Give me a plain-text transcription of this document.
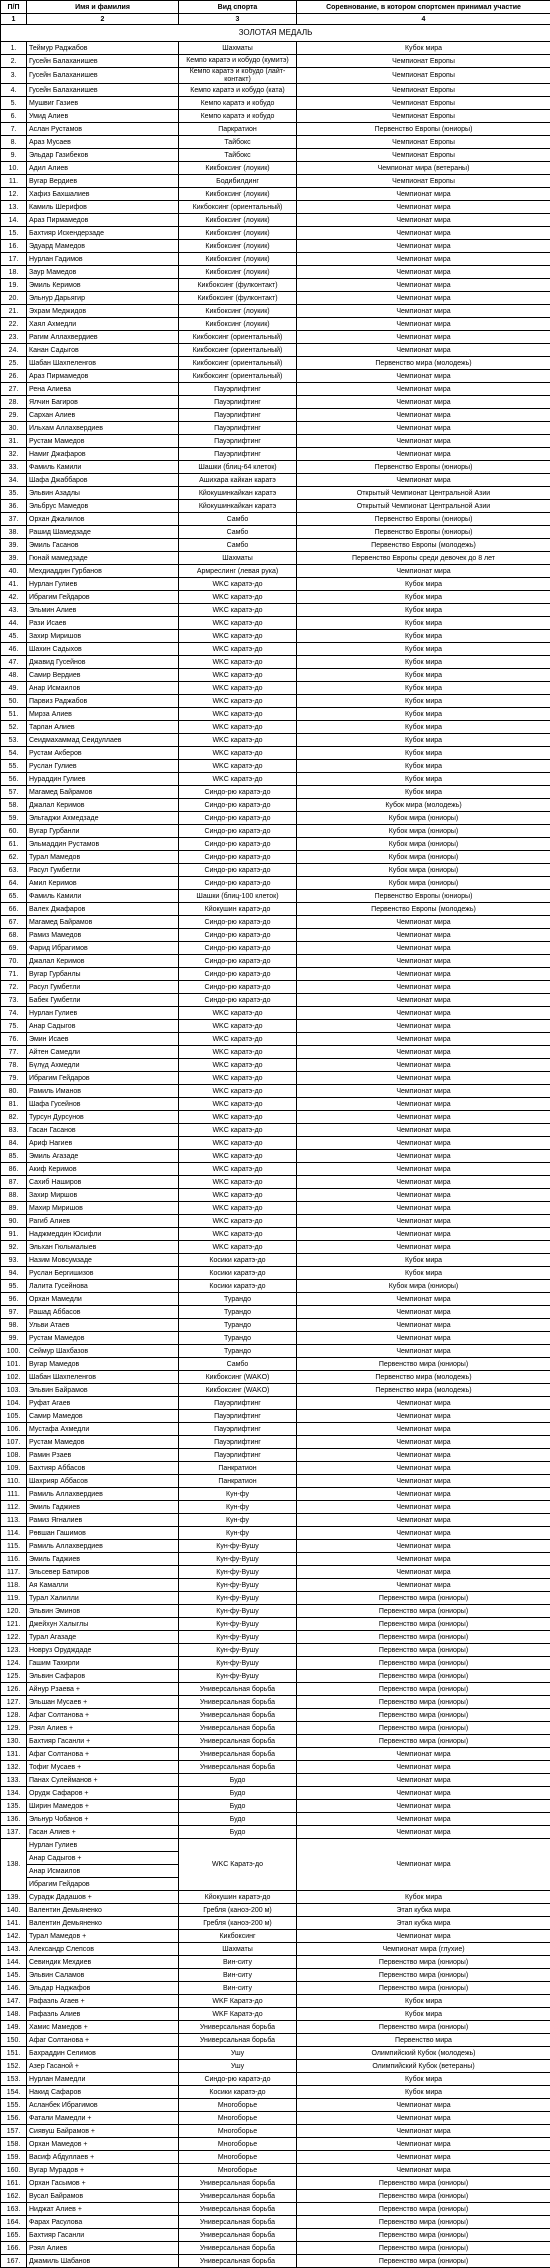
П/П	Имя и фамилия	Вид спорта	Соревнование, в котором спортсмен принимал участие
1	2	3	4
ЗОЛОТАЯ МЕДАЛЬ			
1.	Теймур Раджабов	Шахматы	Кубок мира
2.	Гусейн Балаханишев	Кемпо каратэ и кобудо (кумитэ)	Чемпионат Европы
3.	Гусейн Балаханишев	Кемпо каратэ и кобудо (лайт-контакт)	Чемпионат Европы
4.	Гусейн Балаханишев	Кемпо каратэ и кобудо (ката)	Чемпионат Европы
5.	Мушвиг Газиев	Кемпо каратэ и кобудо	Чемпионат Европы
6.	Умид Алиев	Кемпо каратэ и кобудо	Чемпионат Европы
7.	Аслан Рустамов	Паркрaтион	Первенство Европы (юниоры)
8.	Араз Мусаев	Тайбокс	Чемпионат Европы
9.	Эльдар Газибеков	Тайбокс	Чемпионат Европы
10.	Адил Алиев	Кикбоксинг (лоукик)	Чемпионат мира (ветераны)
11.	Вугар Вердиев	Бодибилдинг	Чемпионат Европы
12.	Хафиз Бахшалиев	Кикбоксинг (лоукик)	Чемпионат мира
13.	Камиль Шерифов	Кикбоксинг (ориентальный)	Чемпионат мира
14.	Араз Пирмамедов	Кикбоксинг (лоукик)	Чемпионат мира
15.	Бахтияр Искендерзаде	Кикбоксинг (лоукик)	Чемпионат мира
16.	Эдуард Мамедов	Кикбоксинг (лоукик)	Чемпионат мира
17.	Нурлан Гадимов	Кикбоксинг (лоукик)	Чемпионат мира
18.	Заур Мамедов	Кикбоксинг (лоукик)	Чемпионат мира
19.	Эмиль Керимов	Кикбоксинг (фулконтакт)	Чемпионат мира
20.	Эльнур Дарьягир	Кикбоксинг (фулконтакт)	Чемпионат мира
21.	Эхрам Меджидов	Кикбоксинг (лоукик)	Чемпионат мира
22.	Хаял Ахмедли	Кикбоксинг (лоукик)	Чемпионат мира
23.	Рагим Аллахвердиев	Кикбоксинг (ориентальный)	Чемпионат мира
24.	Канан Садыгов	Кикбоксинг (ориентальный)	Чемпионат мира
25.	Шабан Шахпеленгов	Кикбоксинг (ориентальный)	Первенство мира (молодежь)
26.	Араз Пирмамедов	Кикбоксинг (ориентальный)	Чемпионат мира
27.	Рена Алиева	Пауэрлифтинг	Чемпионат мира
28.	Ялчин Багиров	Пауэрлифтинг	Чемпионат мира
29.	Сархан Алиев	Пауэрлифтинг	Чемпионат мира
30.	Ильхам Аллахвердиев	Пауэрлифтинг	Чемпионат мира
31.	Рустам Мамедов	Пауэрлифтинг	Чемпионат мира
32.	Намиг Джафаров	Пауэрлифтинг	Чемпионат мира
33.	Фамиль Камили	Шашки (блиц-64 клеток)	Первенство Европы (юниоры)
34.	Шафа Джаббаров	Ашихара кайкан каратэ	Чемпионат мира
35.	Эльвин Азадлы	Кйокушинкайкан каратэ	Открытый Чемпионат Центральной Азии
36.	Эльбрус Мамедов	Кйокушинкайкан каратэ	Открытый Чемпионат Центральной Азии
37.	Орхан Джалилов	Самбо	Первенство Европы (юниоры)
38.	Рашид Шамедзаде	Самбо	Первенство Европы (юниоры)
39.	Эмиль Гасанов	Самбо	Первенство Европы (молодежь)
39.	Гюнай мамедзаде	Шахматы	Первенство Европы среди девочек до 8 лет
40.	Мехдиаддин Гурбанов	Армреслинг (левая рука)	Чемпионат мира
41.	Нурлан Гулиев	WKC каратэ-до	Кубок мира
42.	Ибрагим Гейдаров	WKC каратэ-до	Кубок мира
43.	Эльмин Алиев	WKC каратэ-до	Кубок мира
44.	Рази Исаев	WKC каратэ-до	Кубок мира
45.	Захир Миришов	WKC каратэ-до	Кубок мира
46.	Шахин Садыхов	WKC каратэ-до	Кубок мира
47.	Джавид Гусейнов	WKC каратэ-до	Кубок мира
48.	Самир Вердиев	WKC каратэ-до	Кубок мира
49.	Анар Исмаилов	WKC каратэ-до	Кубок мира
50.	Парвиз Раджабов	WKC каратэ-до	Кубок мира
51.	Мирза Алиев	WKC каратэ-до	Кубок мира
52.	Тарлан Алиев	WKC каратэ-до	Кубок мира
53.	Сеидмахаммад Сеидуллаев	WKC каратэ-до	Кубок мира
54.	Рустам Акберов	WKC каратэ-до	Кубок мира
55.	Руслан Гулиев	WKC каратэ-до	Кубок мира
56.	Нураддин Гулиев	WKC каратэ-до	Кубок мира
57.	Магамед Байрамов	Синдо-рю каратэ-до	Кубок мира
58.	Джалал Керимов	Синдо-рю каратэ-до	Кубок мира (молодежь)
59.	Эльтаджи Ахмедзаде	Синдо-рю каратэ-до	Кубок мира (юниоры)
60.	Вугар Гурбанли	Синдо-рю каратэ-до	Кубок мира (юниоры)
61.	Эльмаддин Рустамов	Синдо-рю каратэ-до	Кубок мира (юниоры)
62.	Турал Мамедов	Синдо-рю каратэ-до	Кубок мира (юниоры)
63.	Расул Гумбетли	Синдо-рю каратэ-до	Кубок мира (юниоры)
64.	Амил Керимов	Синдо-рю каратэ-до	Кубок мира (юниоры)
65.	Фамиль Камили	Шашки (блиц-100 клеток)	Первенство Европы (юниоры)
66.	Валех Джафаров	Кйокушин каратэ-до	Первенство Европы (молодежь)
67.	Магамед Байрамов	Синдо-рю каратэ-до	Чемпионат мира
68.	Рамиз Мамедов	Синдо-рю каратэ-до	Чемпионат мира
69.	Фарид Ибрагимов	Синдо-рю каратэ-до	Чемпионат мира
70.	Джалал Керимов	Синдо-рю каратэ-до	Чемпионат мира
71.	Вугар Гурбанлы	Синдо-рю каратэ-до	Чемпионат мира
72.	Расул Гумбетли	Синдо-рю каратэ-до	Чемпионат мира
73.	Бабек Гумбетли	Синдо-рю каратэ-до	Чемпионат мира
74.	Нурлан Гулиев	WKC каратэ-до	Чемпионат мира
75.	Анар Садыгов	WKC каратэ-до	Чемпионат мира
76.	Эмин Исаев	WKC каратэ-до	Чемпионат мира
77.	Айтен Самедли	WKC каратэ-до	Чемпионат мира
78.	Бүлүд Ахмедли	WKC каратэ-до	Чемпионат мира
79.	Ибрагим Гейдаров	WKC каратэ-до	Чемпионат мира
80.	Рамиль Иманов	WKC каратэ-до	Чемпионат мира
81.	Шафа Гусейнов	WKC каратэ-до	Чемпионат мира
82.	Турсун Дурсунов	WKC каратэ-до	Чемпионат мира
83.	Гасан Гасанов	WKC каратэ-до	Чемпионат мира
84.	Ариф Нагиев	WKC каратэ-до	Чемпионат мира
85.	Эмиль Агазаде	WKC каратэ-до	Чемпионат мира
86.	Акиф Керимов	WKC каратэ-до	Чемпионат мира
87.	Сахиб Наширов	WKC каратэ-до	Чемпионат мира
88.	Захир Миршов	WKC каратэ-до	Чемпионат мира
89.	Махир Миришов	WKC каратэ-до	Чемпионат мира
90.	Рагиб Алиев	WKC каратэ-до	Чемпионат мира
91.	Наджмеддин Юсифли	WKC каратэ-до	Чемпионат мира
92.	Эльхан Гюльмалыев	WKC каратэ-до	Чемпионат мира
93.	Назим Мовсумзаде	Косики каратэ-до	Кубок мира
94.	Руслан Бергишизов	Косики каратэ-до	Кубок мира
95.	Лалита Гусейнова	Косики каратэ-до	Кубок мира (юниоры)
96.	Орхан Мамедли	Турандо	Чемпионат мира
97.	Рашад Аббасов	Турандо	Чемпионат мира
98.	Ульви Атаев	Турандо	Чемпионат мира
99.	Рустам Мамедов	Турандо	Чемпионат мира
100.	Сеймур Шахбазов	Турандо	Чемпионат мира
101.	Вугар Мамедов	Самбо	Первенство мира (юниоры)
102.	Шабан Шахпеленгов	Кикбоксинг (WAKO)	Первенство мира (молодежь)
103.	Эльвин Байрамов	Кикбоксинг (WAKO)	Первенство мира (молодежь)
104.	Руфат Агаев	Пауэрлифтинг	Чемпионат мира
105.	Самир Мамедов	Пауэрлифтинг	Чемпионат мира
106.	Мустафа Ахмедли	Пауэрлифтинг	Чемпионат мира
107.	Рустам Мамедов	Пауэрлифтинг	Чемпионат мира
108.	Рамин Рзаев	Пауэрлифтинг	Чемпионат мира
109.	Бахтияр Аббасов	Панкратион	Чемпионат мира
110.	Шахрияр Аббасов	Панкратион	Чемпионат мира
111.	Рамиль Аллахвердиев	Кун-фу	Чемпионат мира
112.	Эмиль Гаджиев	Кун-фу	Чемпионат мира
113.	Рамиз Ягналиев	Кун-фу	Чемпионат мира
114.	Рөвшан Гашимов	Кун-фу	Чемпионат мира
115.	Рамиль Аллахвердиев	Кун-фу-Вушу	Чемпионат мира
116.	Эмиль Гаджиев	Кун-фу-Вушу	Чемпионат мира
117.	Эльсевер Батиров	Кун-фу-Вушу	Чемпионат мира
118.	Ая Камалли	Кун-фу-Вушу	Чемпионат мира
119.	Турал Халилли	Кун-фу-Вушу	Первенство мира (юниоры)
120.	Эльвин Эминов	Кун-фу-Вушу	Первенство мира (юниоры)
121.	Джейхун Халыглы	Кун-фу-Вушу	Первенство мира (юниоры)
122.	Турал Агазаде	Кун-фу-Вушу	Первенство мира (юниоры)
123.	Новруз Орудждаде	Кун-фу-Вушу	Первенство мира (юниоры)
124.	Гашим Тахирли	Кун-фу-Вушу	Первенство мира (юниоры)
125.	Эльвин Сафаров	Кун-фу-Вушу	Первенство мира (юниоры)
126.	Айнур Рзаева +	Универсальная борьба	Первенство мира (юниоры)
127.	Эльшан Мусаев +	Универсальная борьба	Первенство мира (юниоры)
128.	Афаг Солтанова +	Универсальная борьба	Первенство мира (юниоры)
129.	Рэял Алиев +	Универсальная борьба	Первенство мира (юниоры)
130.	Бахтияр Гасанли +	Универсальная борьба	Первенство мира (юниоры)
131.	Афаг Солтанова +	Универсальная борьба	Чемпионат мира
132.	Тофиг Мусаев +	Универсальная борьба	Чемпионат мира
133.	Панах Сулейманов +	Будо	Чемпионат мира
134.	Орудж Сафаров +	Будо	Чемпионат мира
135.	Ширин Мамедов +	Будо	Чемпионат мира
136.	Эльнур Чобанов +	Будо	Чемпионат мира
137.	Гасан Алиев +	Будо	Чемпионат мира
138.	Нурлан Гулиев	WKC Каратэ-до	Чемпионат мира
	Анар Садыгов +		
	Анар Исмаилов		
	Ибрагим Гейдаров		
139.	Сурадж Дадашов +	Кйокушин каратэ-до	Кубок мира
140.	Валентин Демьяненко	Гребля (каноэ-200 м)	Этап кубка мира
141.	Валентин Демьяненко	Гребля (каноэ-200 м)	Этап кубка мира
142.	Турал Мамедов +	Кикбоксинг	Чемпионат мира
143.	Александр Слепсов	Шахматы	Чемпионат мира (глухие)
144.	Севиндик Мехдиев	Вин-ситу	Первенство мира (юниоры)
145.	Эльвин Саламов	Вин-ситу	Первенство мира (юниоры)
146.	Эльдар Наджафов	Вин-ситу	Первенство мира (юниоры)
147.	Рафаэль Агаев +	WKF Каратэ-до	Кубок мира
148.	Рафаэль Алиев	WKF Каратэ-до	Кубок мира
149.	Хамис Мамедов +	Универсальная борьба	Первенство мира (юниоры)
150.	Афаг Солтанова +	Универсальная борьба	Первенство мира
151.	Бахраддин Селимов	Ушу	Олимпийский Кубок (молодежь)
152.	Азер Гасаной +	Ушу	Олимпийский Кубок (ветераны)
153.	Нурлан Мамедли	Синдо-рю каратэ-до	Кубок мира
154.	Накид Сафаров	Косики каратэ-до	Кубок мира
155.	Асланбек Ибрагимов	Многоборье	Чемпионат мира
156.	Фатали Мамедли +	Многоборье	Чемпионат мира
157.	Сиявуш Байрамов +	Многоборье	Чемпионат мира
158.	Орхан Мамедов +	Многоборье	Чемпионат мира
159.	Васиф Абдуллаев +	Многоборье	Чемпионат мира
160.	Вугар Мурадов +	Многоборье	Чемпионат мира
161.	Орхан Гасымов +	Универсальная борьба	Первенство мира (юниоры)
162.	Вусал Байрамов	Универсальная борьба	Первенство мира (юниоры)
163.	Ниджат Алиев +	Универсальная борьба	Первенство мира (юниоры)
164.	Фарах Расулова	Универсальная борьба	Первенство мира (юниоры)
165.	Бахтияр Гасанли	Универсальная борьба	Первенство мира (юниоры)
166.	Рэял Алиев	Универсальная борьба	Первенство мира (юниоры)
167.	Джамиль Шабанов	Универсальная борьба	Первенство мира (юниоры)
